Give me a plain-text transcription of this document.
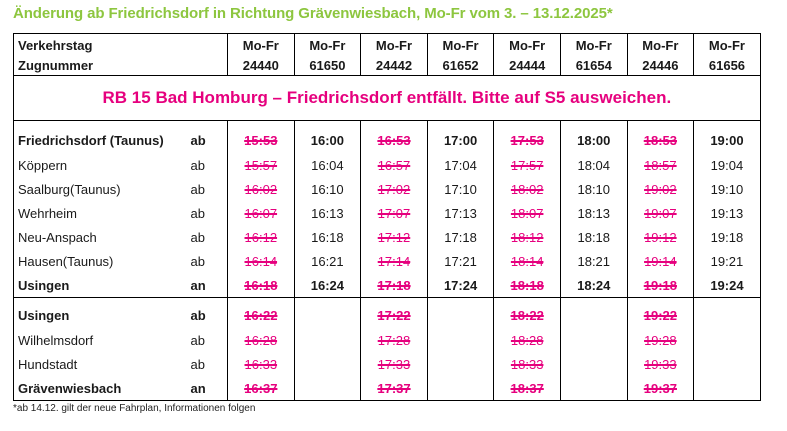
Änderung ab Friedrichsdorf in Richtung Grävenwiesbach, Mo-Fr vom 3. – 13.12.2025*
Verkehrstag		Mo-Fr	Mo-Fr	Mo-Fr	Mo-Fr	Mo-Fr	Mo-Fr	Mo-Fr	Mo-Fr
Zugnummer		24440	61650	24442	61652	24444	61654	24446	61656
RB 15 Bad Homburg – Friedrichsdorf entfällt. Bitte auf S5 ausweichen.									
Friedrichsdorf (Taunus)	ab	15:53	16:00	16:53	17:00	17:53	18:00	18:53	19:00
Köppern	ab	15:57	16:04	16:57	17:04	17:57	18:04	18:57	19:04
Saalburg(Taunus)	ab	16:02	16:10	17:02	17:10	18:02	18:10	19:02	19:10
Wehrheim	ab	16:07	16:13	17:07	17:13	18:07	18:13	19:07	19:13
Neu-Anspach	ab	16:12	16:18	17:12	17:18	18:12	18:18	19:12	19:18
Hausen(Taunus)	ab	16:14	16:21	17:14	17:21	18:14	18:21	19:14	19:21
Usingen	an	16:18	16:24	17:18	17:24	18:18	18:24	19:18	19:24
Usingen	ab	16:22		17:22		18:22		19:22	
Wilhelmsdorf	ab	16:28		17:28		18:28		19:28	
Hundstadt	ab	16:33		17:33		18:33		19:33	
Grävenwiesbach	an	16:37		17:37		18:37		19:37	
*ab 14.12. gilt der neue Fahrplan, Informationen folgen
